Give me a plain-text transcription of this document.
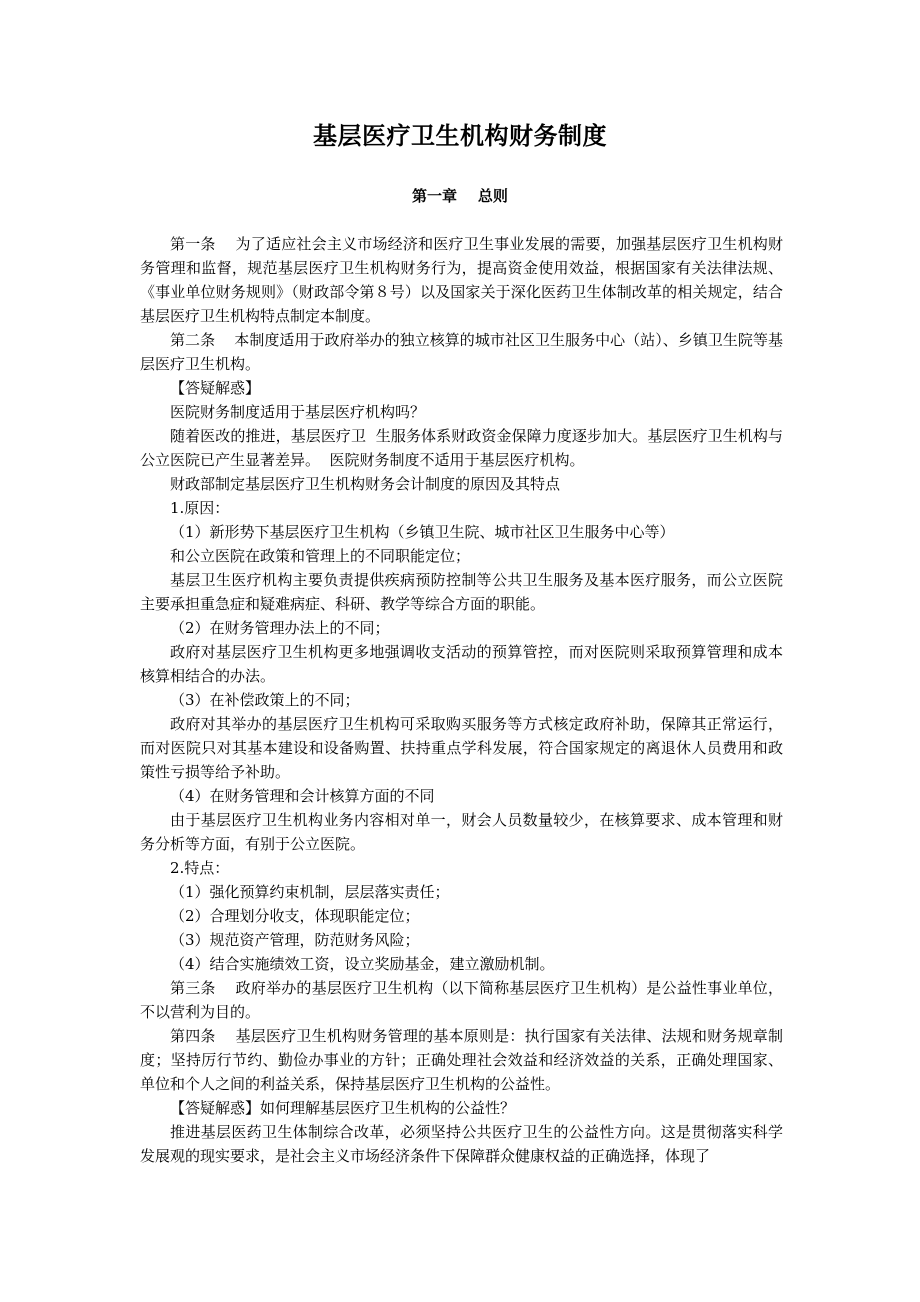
基层医疗卫生机构财务制度
第一章    总则

第一条    为了适应社会主义市场经济和医疗卫生事业发展的需要，加强基层医疗卫生机构财务管理和监督，规范基层医疗卫生机构财务行为，提高资金使用效益，根据国家有关法律法规、《事业单位财务规则》（财政部令第８号）以及国家关于深化医药卫生体制改革的相关规定，结合基层医疗卫生机构特点制定本制度。

第二条    本制度适用于政府举办的独立核算的城市社区卫生服务中心（站）、乡镇卫生院等基层医疗卫生机构。

【答疑解惑】

医院财务制度适用于基层医疗机构吗？

随着医改的推进，基层医疗卫  生服务体系财政资金保障力度逐步加大。基层医疗卫生机构与公立医院已产生显著差异。  医院财务制度不适用于基层医疗机构。

财政部制定基层医疗卫生机构财务会计制度的原因及其特点

1.原因：

（1）新形势下基层医疗卫生机构（乡镇卫生院、城市社区卫生服务中心等）

和公立医院在政策和管理上的不同职能定位；

基层卫生医疗机构主要负责提供疾病预防控制等公共卫生服务及基本医疗服务，而公立医院主要承担重急症和疑难病症、科研、教学等综合方面的职能。

（2）在财务管理办法上的不同；

政府对基层医疗卫生机构更多地强调收支活动的预算管控，而对医院则采取预算管理和成本核算相结合的办法。

（3）在补偿政策上的不同；

政府对其举办的基层医疗卫生机构可采取购买服务等方式核定政府补助，保障其正常运行，而对医院只对其基本建设和设备购置、扶持重点学科发展，符合国家规定的离退休人员费用和政策性亏损等给予补助。

（4）在财务管理和会计核算方面的不同

由于基层医疗卫生机构业务内容相对单一，财会人员数量较少，在核算要求、成本管理和财务分析等方面，有别于公立医院。

2.特点：

（1）强化预算约束机制，层层落实责任；

（2）合理划分收支，体现职能定位；

（3）规范资产管理，防范财务风险；

（4）结合实施绩效工资，设立奖励基金，建立激励机制。

第三条    政府举办的基层医疗卫生机构（以下简称基层医疗卫生机构）是公益性事业单位，不以营利为目的。

第四条    基层医疗卫生机构财务管理的基本原则是：执行国家有关法律、法规和财务规章制度；坚持厉行节约、勤俭办事业的方针；正确处理社会效益和经济效益的关系，正确处理国家、单位和个人之间的利益关系，保持基层医疗卫生机构的公益性。

【答疑解惑】如何理解基层医疗卫生机构的公益性？

推进基层医药卫生体制综合改革，必须坚持公共医疗卫生的公益性方向。这是贯彻落实科学发展观的现实要求，是社会主义市场经济条件下保障群众健康权益的正确选择，体现了
